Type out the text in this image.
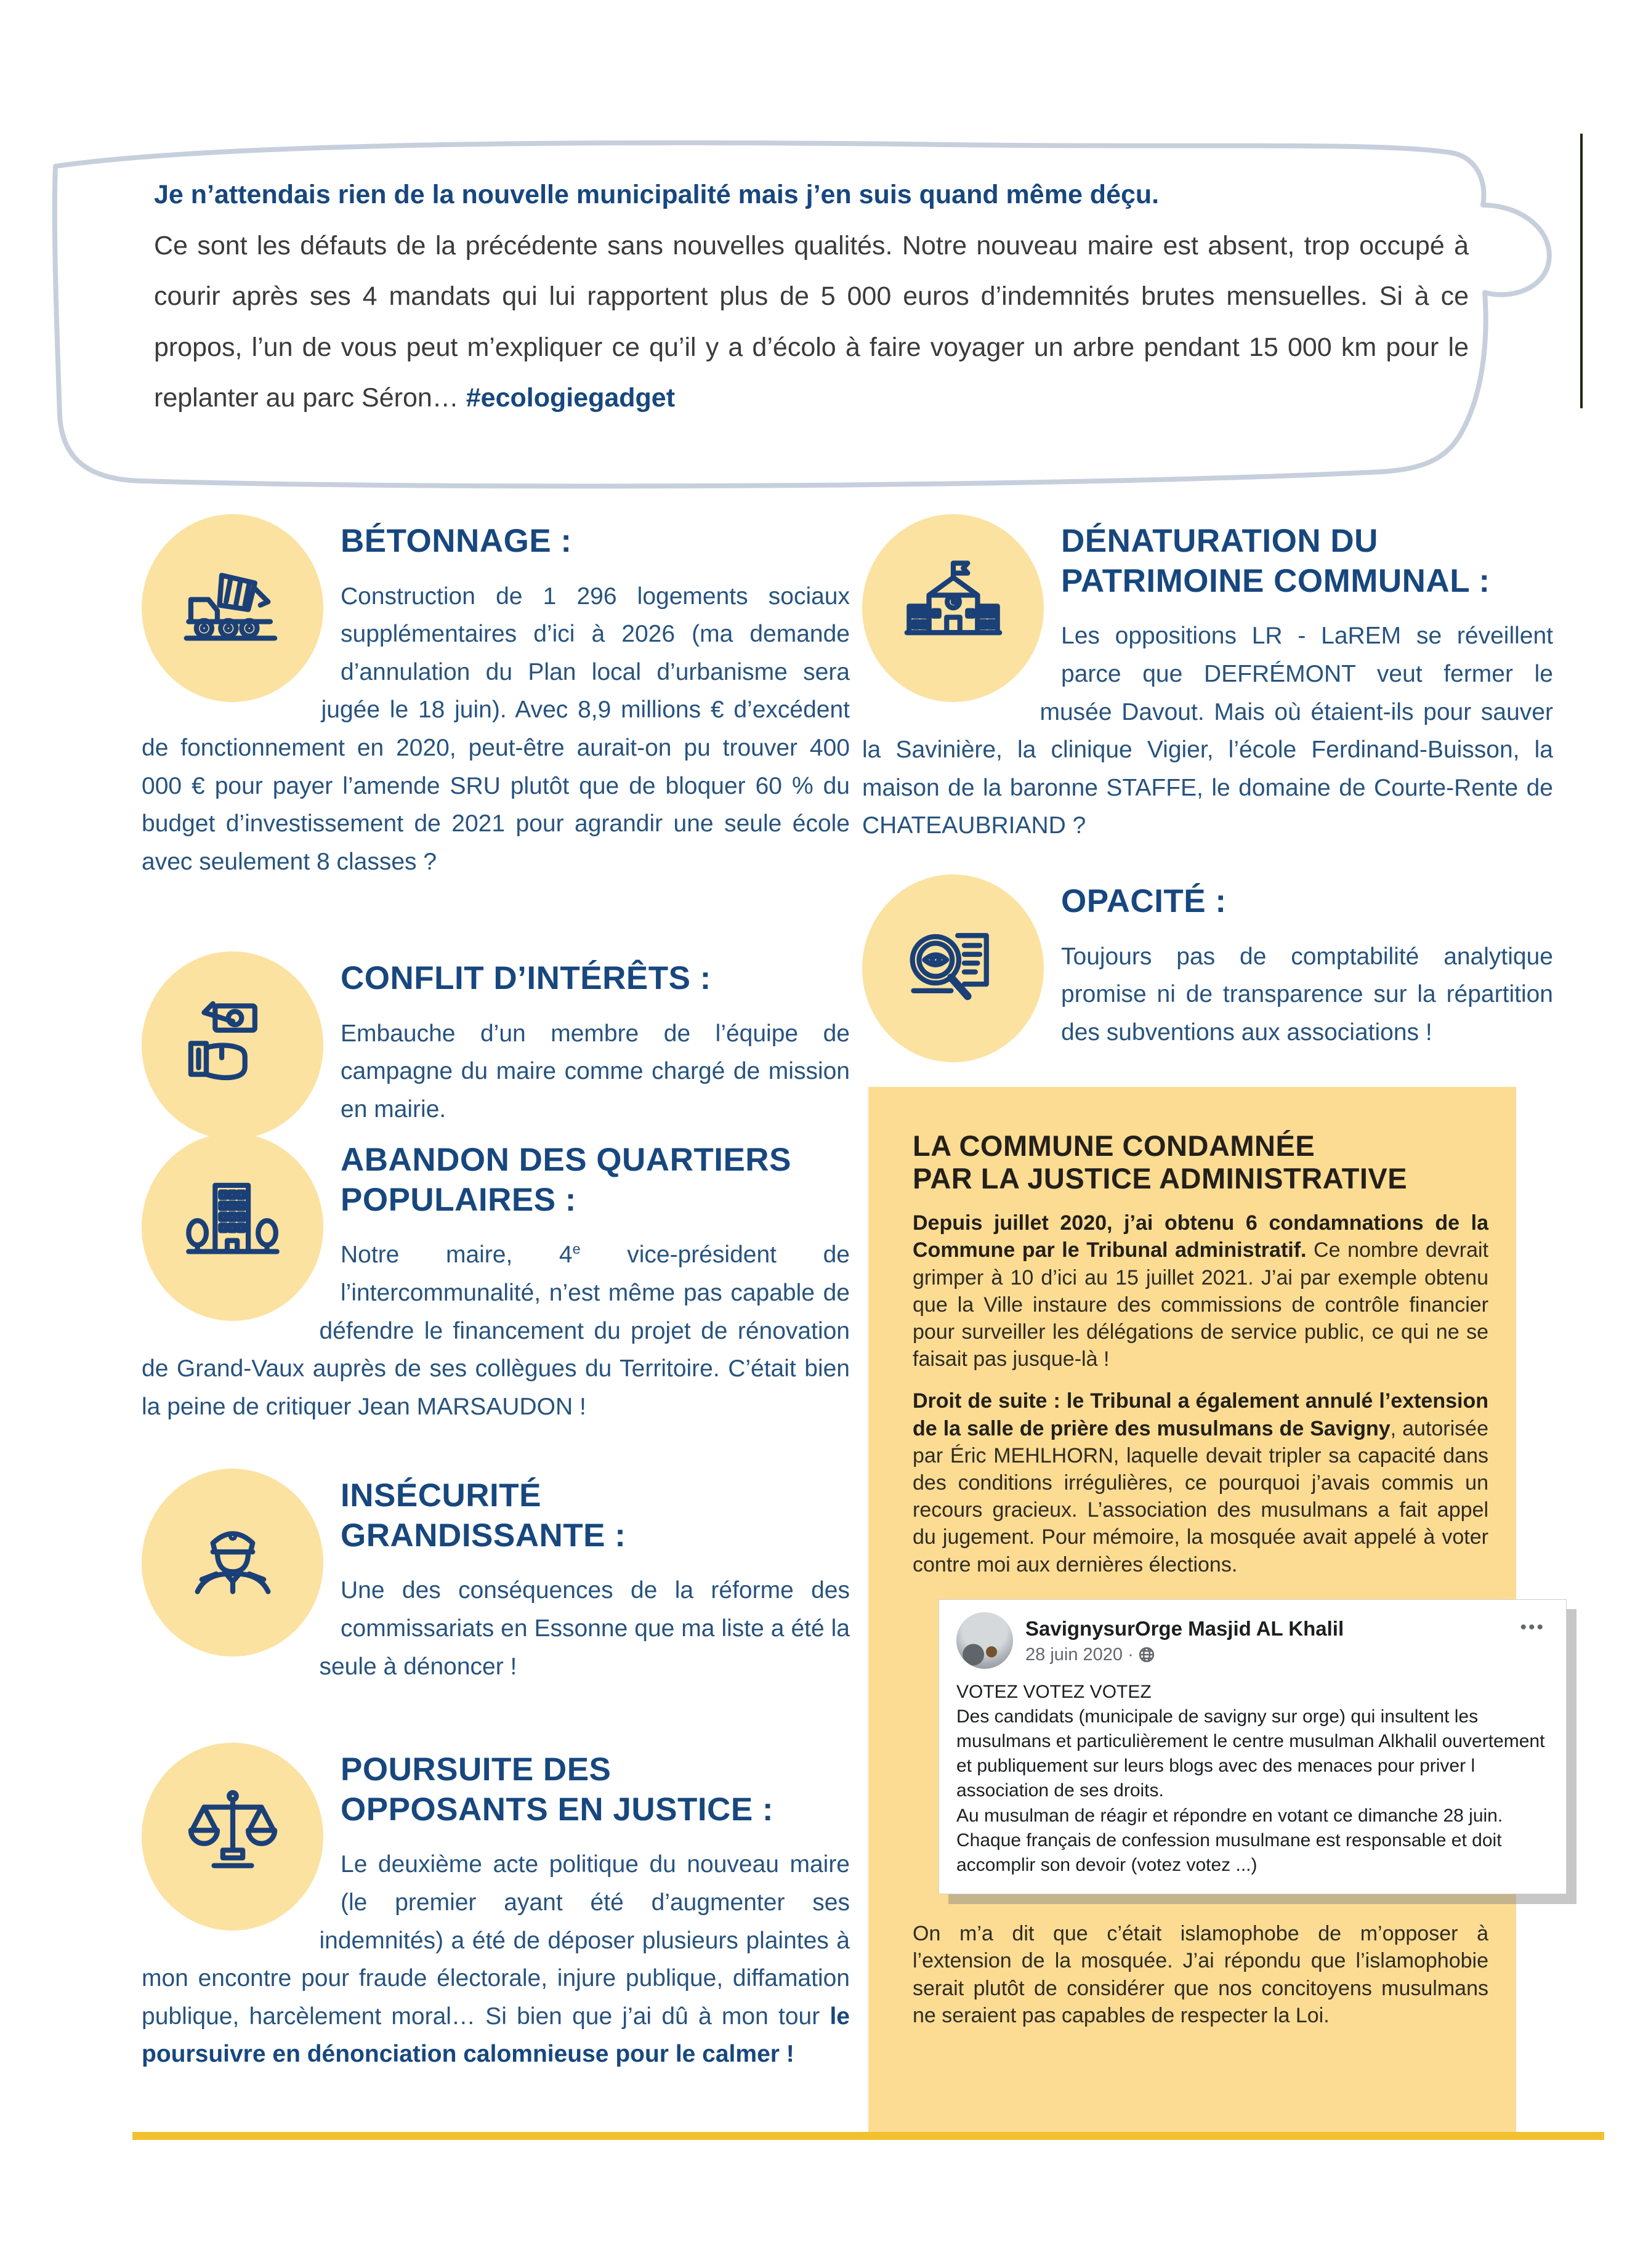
Je n’attendais rien de la nouvelle municipalité mais j’en suis quand même déçu.
Ce sont les défauts de la précédente sans nouvelles qualités. Notre nouveau maire est absent, trop occupé à courir après ses 4 mandats qui lui rapportent plus de 5 000 euros d’indemnités brutes mensuelles. Si à ce propos, l’un de vous peut m’expliquer ce qu’il y a d’écolo à faire voyager un arbre pendant 15 000 km pour le replanter au parc Séron… #ecologiegadget
BÉTONNAGE :

Construction de 1 296 logements sociaux supplémentaires d’ici à 2026 (ma demande d’annulation du Plan local d’urbanisme sera jugée le 18 juin). Avec 8,9 millions € d’excédent de fonctionnement en 2020, peut-être aurait-on pu trouver 400 000 € pour payer l’amende SRU plutôt que de bloquer 60 % du budget d’investissement de 2021 pour agrandir une seule école avec seulement 8 classes ?

CONFLIT D’INTÉRÊTS :

Embauche d’un membre de l’équipe de campagne du maire comme chargé de mission en mairie.

ABANDON DES QUARTIERS
POPULAIRES :

Notre maire, 4e vice-président de l’intercommunalité, n’est même pas capable de défendre le financement du projet de rénovation de Grand-Vaux auprès de ses collègues du Territoire. C’était bien la peine de critiquer Jean MARSAUDON !

INSÉCURITÉ
GRANDISSANTE :

Une des conséquences de la réforme des commissariats en Essonne que ma liste a été la seule à dénoncer !

POURSUITE DES
OPPOSANTS EN JUSTICE :

Le deuxième acte politique du nouveau maire (le premier ayant été d’augmenter ses indemnités) a été de déposer plusieurs plaintes à mon encontre pour fraude électorale, injure publique, diffamation publique, harcèlement moral… Si bien que j’ai dû à mon tour le poursuivre en dénonciation calomnieuse pour le calmer !

DÉNATURATION DU
PATRIMOINE COMMUNAL :

Les oppositions LR - LaREM se réveillent parce que DEFRÉMONT veut fermer le musée Davout. Mais où étaient-ils pour sauver la Savinière, la clinique Vigier, l’école Ferdinand-Buisson, la maison de la baronne STAFFE, le domaine de Courte-Rente de CHATEAUBRIAND ?

OPACITÉ :

Toujours pas de comptabilité analytique promise ni de transparence sur la répartition des subventions aux associations !

LA COMMUNE CONDAMNÉE
PAR LA JUSTICE ADMINISTRATIVE

Depuis juillet 2020, j’ai obtenu 6 condamnations de la Commune par le Tribunal administratif. Ce nombre devrait grimper à 10 d’ici au 15 juillet 2021. J’ai par exemple obtenu que la Ville instaure des commissions de contrôle financier pour surveiller les délégations de service public, ce qui ne se faisait pas jusque-là !

Droit de suite : le Tribunal a également annulé l’extension de la salle de prière des musulmans de Savigny, autorisée par Éric MEHLHORN, laquelle devait tripler sa capacité dans des conditions irrégulières, ce pourquoi j’avais commis un recours gracieux. L’association des musulmans a fait appel du jugement. Pour mémoire, la mosquée avait appelé à voter contre moi aux dernières élections.

•••
SavignysurOrge Masjid AL Khalil
28 juin 2020 ·

VOTEZ VOTEZ VOTEZ

Des candidats (municipale de savigny sur orge) qui insultent les musulmans et particulièrement le centre musulman Alkhalil ouvertement et publiquement sur leurs blogs avec des menaces pour priver l association de ses droits.

Au musulman de réagir et répondre en votant ce dimanche 28 juin. Chaque français de confession musulmane est responsable et doit accomplir son devoir (votez votez ...)

On m’a dit que c’était islamophobe de m’opposer à l’extension de la mosquée. J’ai répondu que l’islamophobie serait plutôt de considérer que nos concitoyens musulmans ne seraient pas capables de respecter la Loi.
